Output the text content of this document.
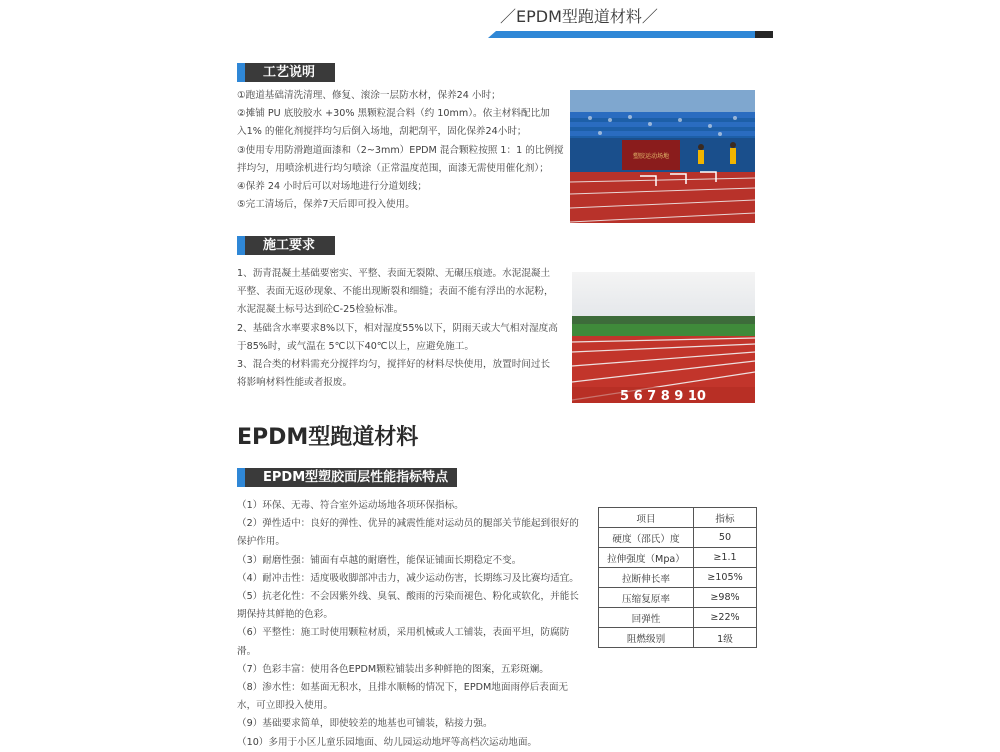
／EPDM型跑道材料／
工艺说明

①跑道基础清洗清理、修复、滚涂一层防水材，保养24 小时；

②摊铺 PU 底胶胶水 +30% 黑颗粒混合料（约 10mm）。依主材料配比加

入1% 的催化剂搅拌均匀后倒入场地，刮耙刮平，固化保养24小时；

③使用专用防滑跑道面漆和（2~3mm）EPDM 混合颗粒按照 1：1 的比例搅

拌均匀，用喷涂机进行均匀喷涂（正常温度范围，面漆无需使用催化剂）；

④保养 24 小时后可以对场地进行分道划线；

⑤完工清场后，保养7天后即可投入使用。

塑胶运动场地
施工要求

1、沥青混凝土基础要密实、平整、表面无裂隙、无碾压痕迹。水泥混凝土

平整、表面无返砂现象、不能出现断裂和细缝；表面不能有浮出的水泥粉，

水泥混凝土标号达到砼C-25检验标准。

2、基础含水率要求8%以下，相对湿度55%以下，阴雨天或大气相对湿度高

于85%时，或气温在 5℃以下40℃以上，应避免施工。

3、混合类的材料需充分搅拌均匀，搅拌好的材料尽快使用，放置时间过长

将影响材料性能或者报废。

5 6 7 8 9 10
EPDM型跑道材料
EPDM型塑胶面层性能指标特点

（1）环保、无毒、符合室外运动场地各项环保指标。

（2）弹性适中：良好的弹性、优异的减震性能对运动员的腿部关节能起到很好的

保护作用。

（3）耐磨性强：铺面有卓越的耐磨性，能保证铺面长期稳定不变。

（4）耐冲击性：适度吸收脚部冲击力，减少运动伤害，长期练习及比赛均适宜。

（5）抗老化性：不会因紫外线、臭氧、酸雨的污染而褪色、粉化或软化，并能长

期保持其鲜艳的色彩。

（6）平整性：施工时使用颗粒材质，采用机械或人工铺装，表面平坦，防腐防滑。

（7）色彩丰富：使用各色EPDM颗粒铺装出多种鲜艳的图案，五彩斑斓。

（8）渗水性：如基面无积水，且排水顺畅的情况下，EPDM地面雨停后表面无

水，可立即投入使用。

（9）基础要求简单，即使较差的地基也可铺装，粘接力强。

（10）多用于小区儿童乐园地面、幼儿园运动地坪等高档次运动地面。

项目	指标
硬度（邵氏）度	50
拉伸强度（Mpa）	≥1.1
拉断伸长率	≥105%
压缩复原率	≥98%
回弹性	≥22%
阻燃级别	1级
